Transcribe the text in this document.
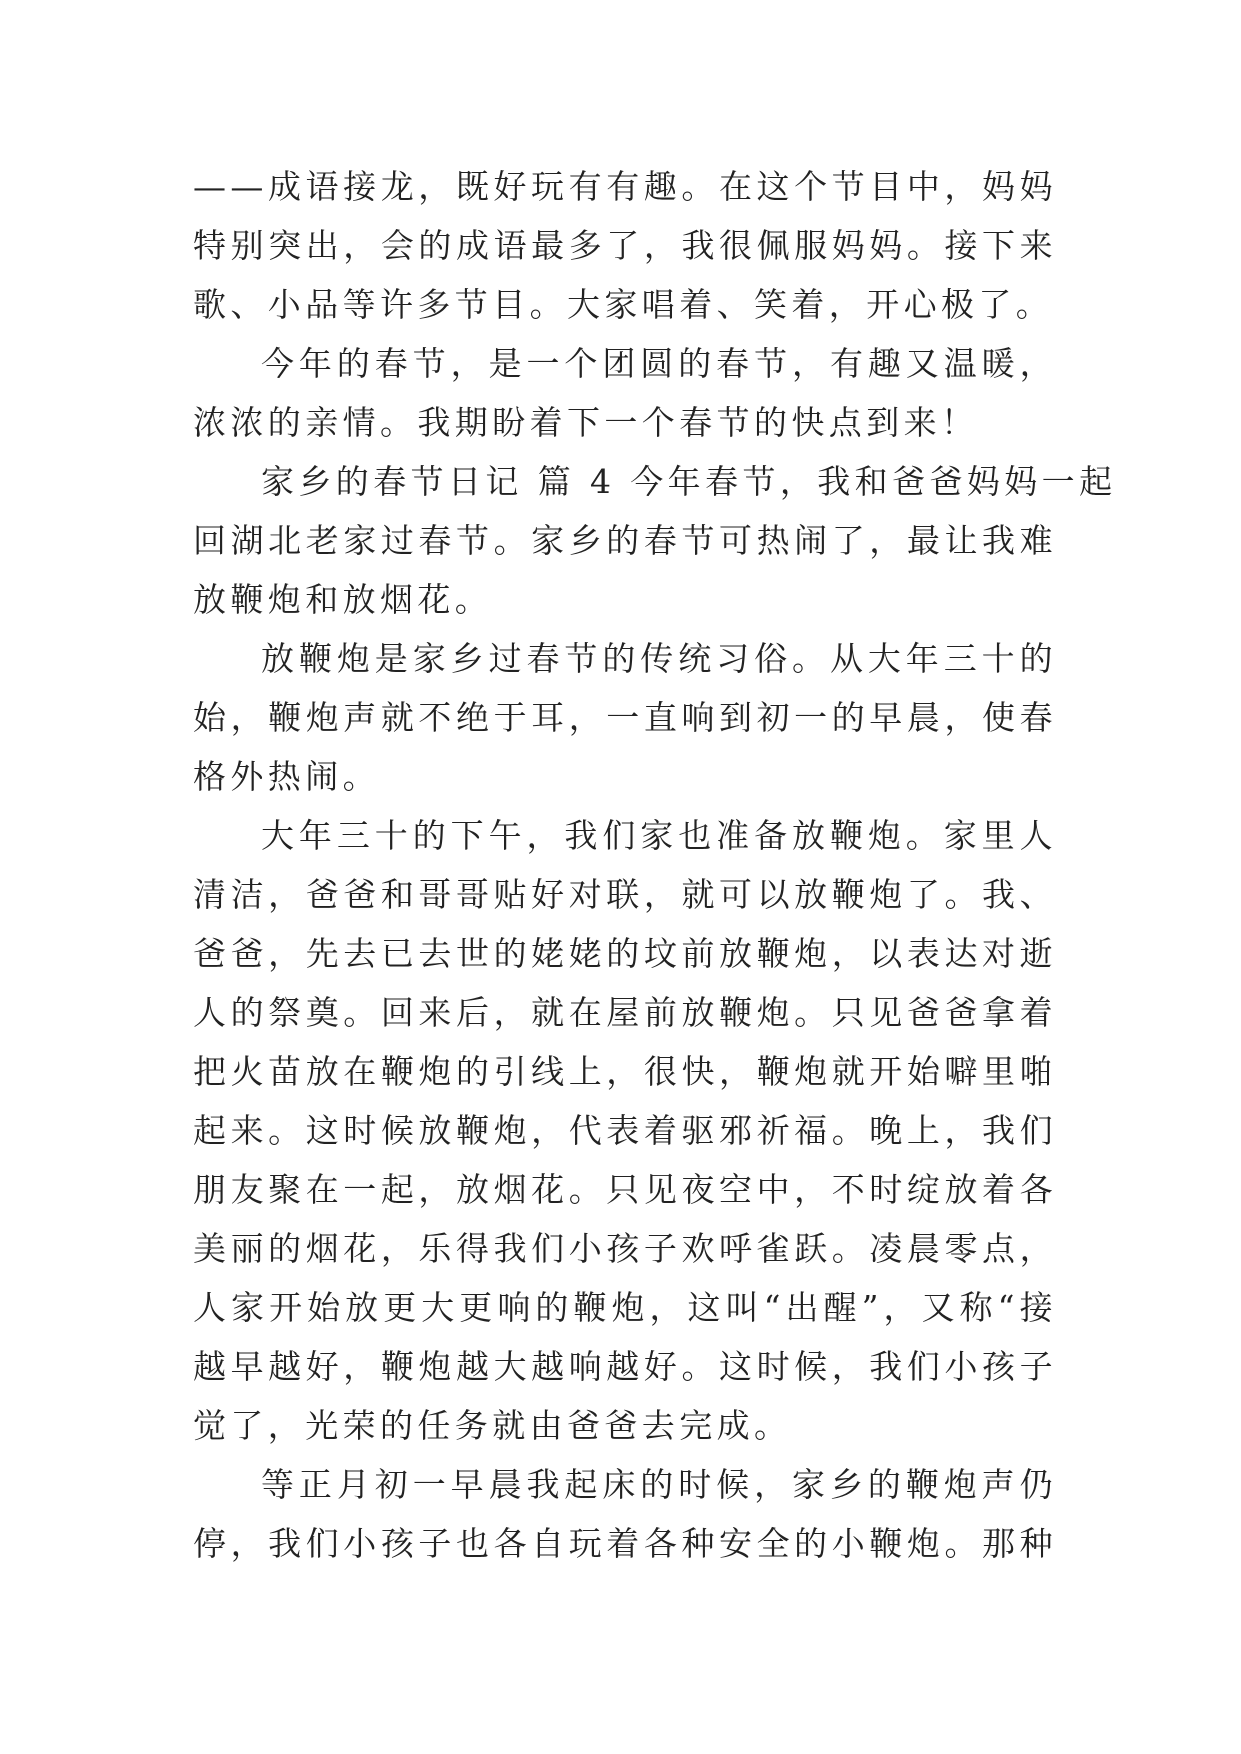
——成语接龙，既好玩有有趣。在这个节目中，妈妈
特别突出，会的成语最多了，我很佩服妈妈。接下来
歌、小品等许多节目。大家唱着、笑着，开心极了。
今年的春节，是一个团圆的春节，有趣又温暖，
浓浓的亲情。我期盼着下一个春节的快点到来！
家乡的春节日记 篇 4 今年春节，我和爸爸妈妈一起
回湖北老家过春节。家乡的春节可热闹了，最让我难
放鞭炮和放烟花。
放鞭炮是家乡过春节的传统习俗。从大年三十的
始，鞭炮声就不绝于耳，一直响到初一的早晨，使春
格外热闹。
大年三十的下午，我们家也准备放鞭炮。家里人
清洁，爸爸和哥哥贴好对联，就可以放鞭炮了。我、
爸爸，先去已去世的姥姥的坟前放鞭炮，以表达对逝
人的祭奠。回来后，就在屋前放鞭炮。只见爸爸拿着
把火苗放在鞭炮的引线上，很快，鞭炮就开始噼里啪
起来。这时候放鞭炮，代表着驱邪祈福。晚上，我们
朋友聚在一起，放烟花。只见夜空中，不时绽放着各
美丽的烟花，乐得我们小孩子欢呼雀跃。凌晨零点，
人家开始放更大更响的鞭炮，这叫“出醒”，又称“接
越早越好，鞭炮越大越响越好。这时候，我们小孩子
觉了，光荣的任务就由爸爸去完成。
等正月初一早晨我起床的时候，家乡的鞭炮声仍
停，我们小孩子也各自玩着各种安全的小鞭炮。那种
